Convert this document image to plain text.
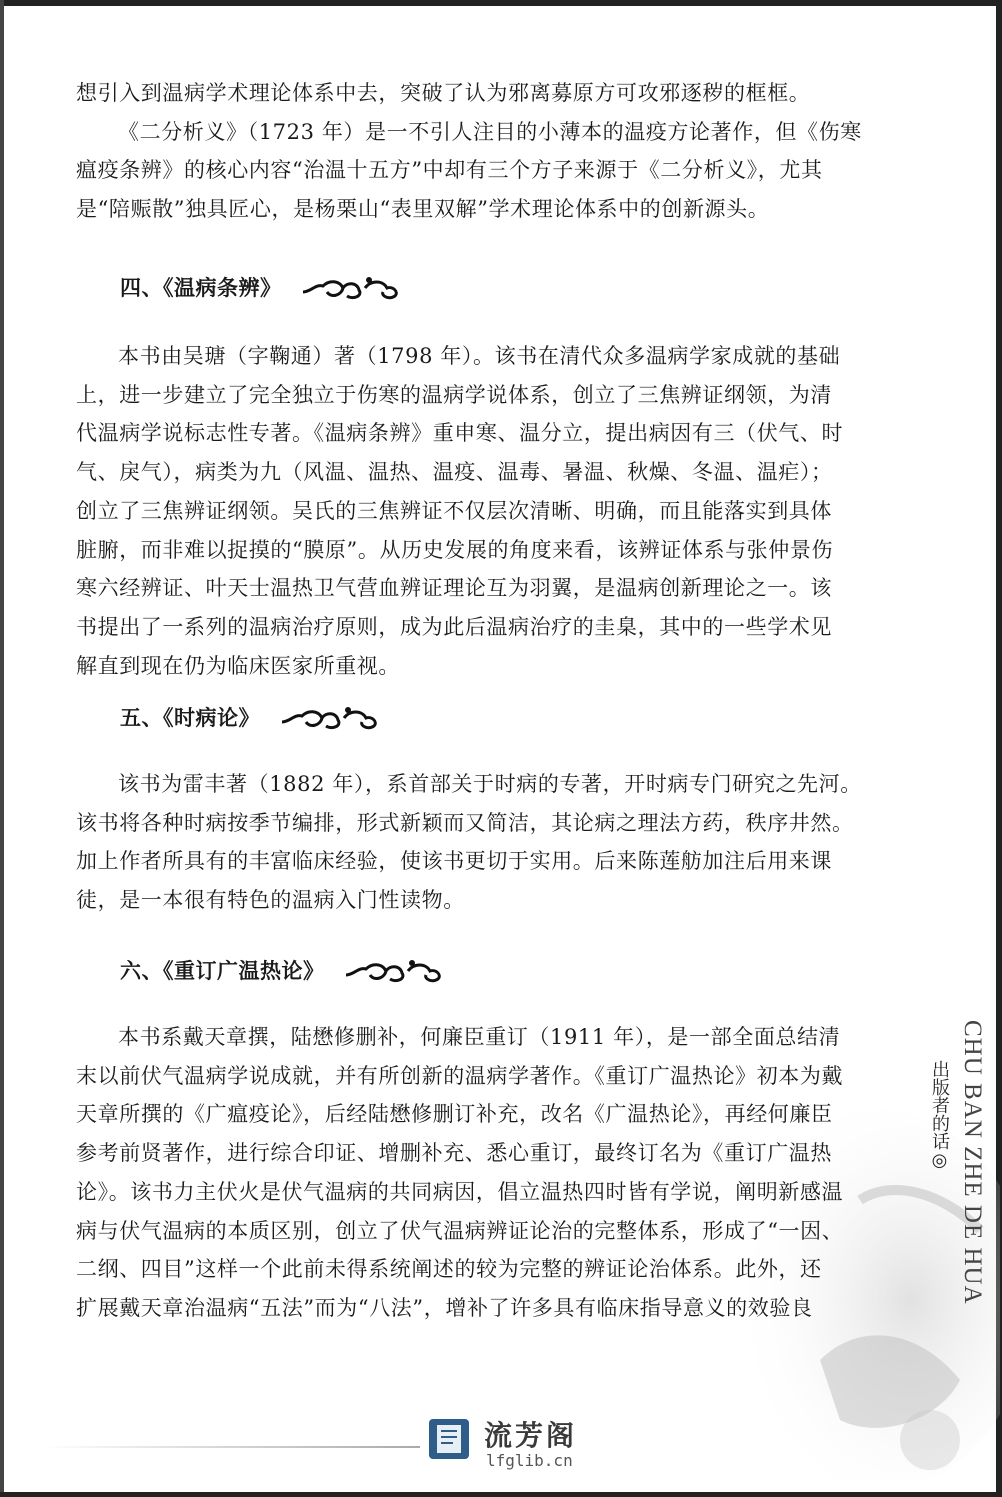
想引入到温病学术理论体系中去，突破了认为邪离募原方可攻邪逐秽的框框。

《二分析义》（1723 年）是一不引人注目的小薄本的温疫方论著作，但《伤寒
瘟疫条辨》的核心内容“治温十五方”中却有三个方子来源于《二分析义》，尤其
是“陪赈散”独具匠心，是杨栗山“表里双解”学术理论体系中的创新源头。

四、《温病条辨》

本书由吴瑭（字鞠通）著（1798 年）。该书在清代众多温病学家成就的基础
上，进一步建立了完全独立于伤寒的温病学说体系，创立了三焦辨证纲领，为清
代温病学说标志性专著。《温病条辨》重申寒、温分立，提出病因有三（伏气、时
气、戾气），病类为九（风温、温热、温疫、温毒、暑温、秋燥、冬温、温疟）；
创立了三焦辨证纲领。吴氏的三焦辨证不仅层次清晰、明确，而且能落实到具体
脏腑，而非难以捉摸的“膜原”。从历史发展的角度来看，该辨证体系与张仲景伤
寒六经辨证、叶天士温热卫气营血辨证理论互为羽翼，是温病创新理论之一。该
书提出了一系列的温病治疗原则，成为此后温病治疗的圭臬，其中的一些学术见
解直到现在仍为临床医家所重视。

五、《时病论》

该书为雷丰著（1882 年），系首部关于时病的专著，开时病专门研究之先河。
该书将各种时病按季节编排，形式新颖而又简洁，其论病之理法方药，秩序井然。
加上作者所具有的丰富临床经验，使该书更切于实用。后来陈莲舫加注后用来课
徒，是一本很有特色的温病入门性读物。

六、《重订广温热论》

本书系戴天章撰，陆懋修删补，何廉臣重订（1911 年），是一部全面总结清
末以前伏气温病学说成就，并有所创新的温病学著作。《重订广温热论》初本为戴
天章所撰的《广瘟疫论》，后经陆懋修删订补充，改名《广温热论》，再经何廉臣
参考前贤著作，进行综合印证、增删补充、悉心重订，最终订名为《重订广温热
论》。该书力主伏火是伏气温病的共同病因，倡立温热四时皆有学说，阐明新感温
病与伏气温病的本质区别，创立了伏气温病辨证论治的完整体系，形成了“一因、
二纲、四目”这样一个此前未得系统阐述的较为完整的辨证论治体系。此外，还
扩展戴天章治温病“五法”而为“八法”，增补了许多具有临床指导意义的效验良

CHU BAN ZHE DE HUA
出版者的话◎
流芳阁
lfglib.cn
